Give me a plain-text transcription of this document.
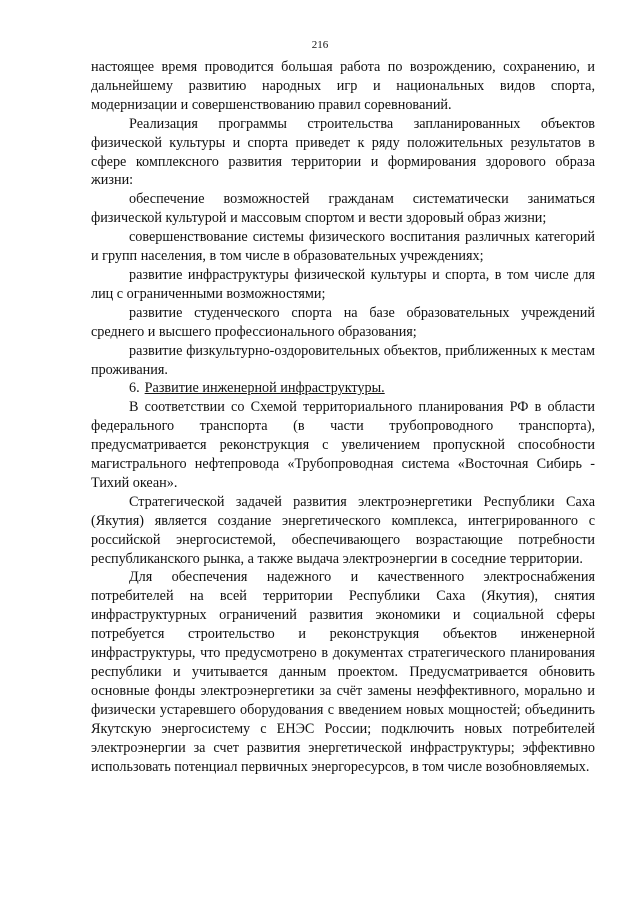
216

настоящее время проводится большая работа по возрождению, сохранению, и дальнейшему развитию народных игр и национальных видов спорта, модернизации и совершенствованию правил соревнований.

Реализация программы строительства запланированных объектов физической культуры и спорта приведет к ряду положительных результатов в сфере комплексного развития территории и формирования здорового образа жизни:

обеспечение возможностей гражданам систематически заниматься физической культурой и массовым спортом и вести здоровый образ жизни;

совершенствование системы физического воспитания различных категорий и групп населения, в том числе в образовательных учреждениях;

развитие инфраструктуры физической культуры и спорта, в том числе для лиц с ограниченными возможностями;

развитие студенческого спорта на базе образовательных учреждений среднего и высшего профессионального образования;

развитие физкультурно-оздоровительных объектов, приближенных к местам проживания.

6. Развитие инженерной инфраструктуры.

В соответствии со Схемой территориального планирования РФ в области федерального транспорта (в части трубопроводного транспорта), предусматривается реконструкция с увеличением пропускной способности магистрального нефтепровода «Трубопроводная система «Восточная Сибирь - Тихий океан».

Стратегической задачей развития электроэнергетики Республики Саха (Якутия) является создание энергетического комплекса, интегрированного с российской энергосистемой, обеспечивающего возрастающие потребности республиканского рынка, а также выдача электроэнергии в соседние территории.

Для обеспечения надежного и качественного электроснабжения потребителей на всей территории Республики Саха (Якутия), снятия инфраструктурных ограничений развития экономики и социальной сферы потребуется строительство и реконструкция объектов инженерной инфраструктуры, что предусмотрено в документах стратегического планирования республики и учитывается данным проектом. Предусматривается обновить основные фонды электроэнергетики за счёт замены неэффективного, морально и физически устаревшего оборудования с введением новых мощностей; объединить Якутскую энергосистему с ЕНЭС России; подключить новых потребителей электроэнергии за счет развития энергетической инфраструктуры; эффективно использовать потенциал первичных энергоресурсов, в том числе возобновляемых.
